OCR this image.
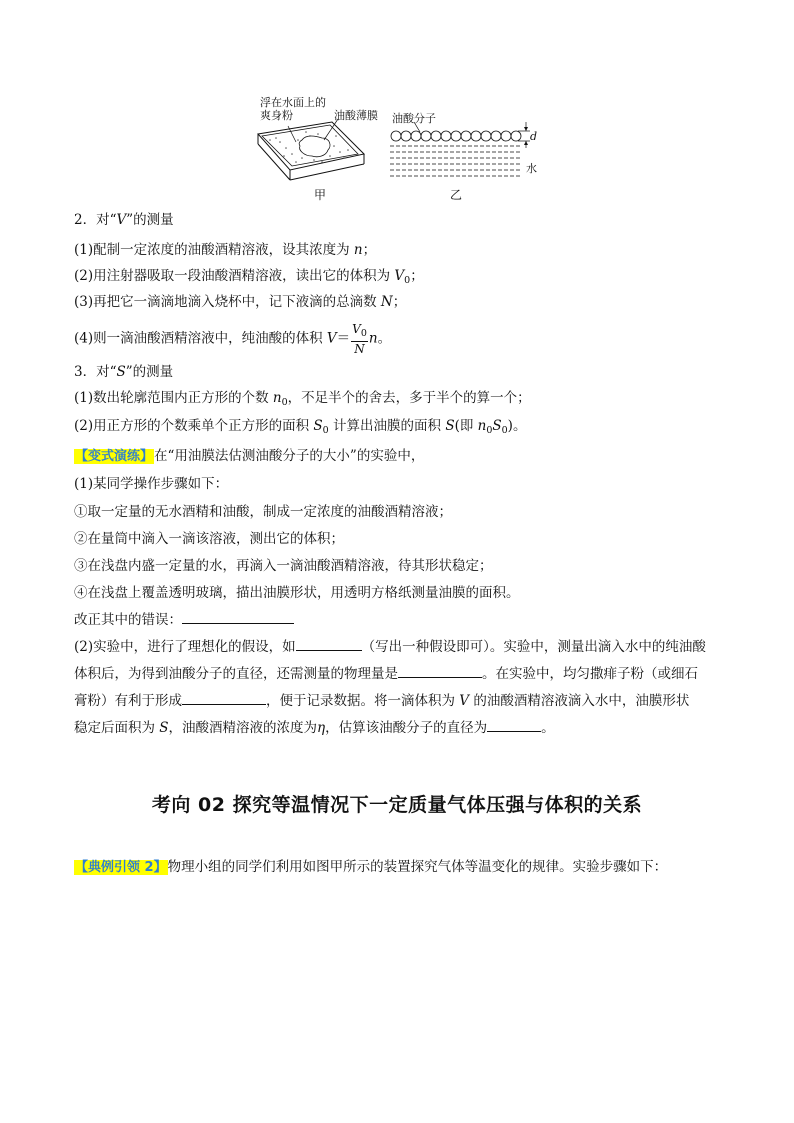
浮在水面上的
爽身粉	油酸薄膜
甲
油酸分子
d
水
乙
2．对“V”的测量
(1)配制一定浓度的油酸酒精溶液，设其浓度为 n；
(2)用注射器吸取一段油酸酒精溶液，读出它的体积为 $V_0$；
(3)再把它一滴滴地滴入烧杯中，记下液滴的总滴数 N；
(4)则一滴油酸酒精溶液中，纯油酸的体积 $V= \frac{V_0}{N}$ n。
3．对“S”的测量
(1)数出轮廓范围内正方形的个数 $n_0$，不足半个的舍去，多于半个的算一个；
(2)用正方形的个数乘单个正方形的面积 $S_0$ 计算出油膜的面积 S(即 $n_0S_0$)。
【变式演练】在“用油膜法估测油酸分子的大小”的实验中，
(1)某同学操作步骤如下：
①取一定量的无水酒精和油酸，制成一定浓度的油酸酒精溶液；
②在量筒中滴入一滴该溶液，测出它的体积；
③在浅盘内盛一定量的水，再滴入一滴油酸酒精溶液，待其形状稳定；
④在浅盘上覆盖透明玻璃，描出油膜形状，用透明方格纸测量油膜的面积。
改正其中的错误：
(2)实验中，进行了理想化的假设，如	（写出一种假设即可）。实验中，测量出滴入水中的纯油酸
体积后，为得到油酸分子的直径，还需测量的物理量是	。在实验中，均匀撒痱子粉（或细石
膏粉）有利于形成	，便于记录数据。将一滴体积为 V 的油酸酒精溶液滴入水中，油膜形状
稳定后面积为 S，油酸酒精溶液的浓度为η，估算该油酸分子的直径为	。
考向 02 探究等温情况下一定质量气体压强与体积的关系
【典例引领 2】物理小组的同学们利用如图甲所示的装置探究气体等温变化的规律。实验步骤如下：
